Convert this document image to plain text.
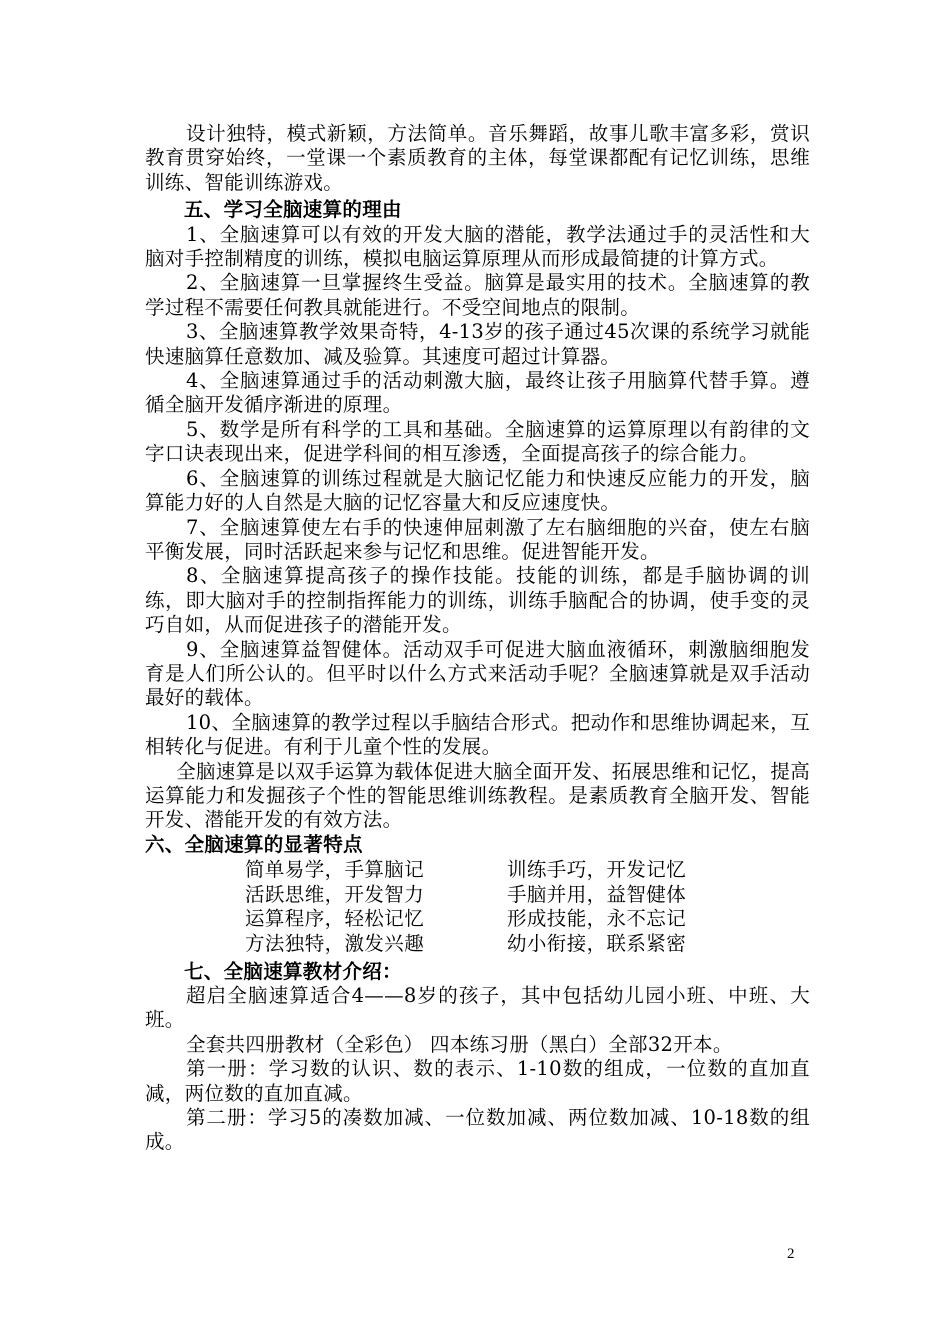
设计独特，模式新颖，方法简单。音乐舞蹈，故事儿歌丰富多彩，赏识教育贯穿始终，一堂课一个素质教育的主体，每堂课都配有记忆训练，思维训练、智能训练游戏。

五、学习全脑速算的理由

1、全脑速算可以有效的开发大脑的潜能，教学法通过手的灵活性和大脑对手控制精度的训练，模拟电脑运算原理从而形成最简捷的计算方式。

2、全脑速算一旦掌握终生受益。脑算是最实用的技术。全脑速算的教学过程不需要任何教具就能进行。不受空间地点的限制。

3、全脑速算教学效果奇特，4-13岁的孩子通过45次课的系统学习就能快速脑算任意数加、减及验算。其速度可超过计算器。

4、全脑速算通过手的活动刺激大脑，最终让孩子用脑算代替手算。遵循全脑开发循序渐进的原理。

5、数学是所有科学的工具和基础。全脑速算的运算原理以有韵律的文字口诀表现出来，促进学科间的相互渗透，全面提高孩子的综合能力。

6、全脑速算的训练过程就是大脑记忆能力和快速反应能力的开发，脑算能力好的人自然是大脑的记忆容量大和反应速度快。

7、全脑速算使左右手的快速伸屈刺激了左右脑细胞的兴奋，使左右脑平衡发展，同时活跃起来参与记忆和思维。促进智能开发。

8、全脑速算提高孩子的操作技能。技能的训练，都是手脑协调的训练，即大脑对手的控制指挥能力的训练，训练手脑配合的协调，使手变的灵巧自如，从而促进孩子的潜能开发。

9、全脑速算益智健体。活动双手可促进大脑血液循环，刺激脑细胞发育是人们所公认的。但平时以什么方式来活动手呢？全脑速算就是双手活动最好的载体。

10、全脑速算的教学过程以手脑结合形式。把动作和思维协调起来，互相转化与促进。有利于儿童个性的发展。

全脑速算是以双手运算为载体促进大脑全面开发、拓展思维和记忆，提高运算能力和发掘孩子个性的智能思维训练教程。是素质教育全脑开发、智能开发、潜能开发的有效方法。

六、全脑速算的显著特点

简单易学，手算脑记	训练手巧，开发记忆
活跃思维，开发智力	手脑并用，益智健体
运算程序，轻松记忆	形成技能，永不忘记
方法独特，激发兴趣	幼小衔接，联系紧密

七、全脑速算教材介绍：

超启全脑速算适合4——8岁的孩子，其中包括幼儿园小班、中班、大班。

全套共四册教材（全彩色） 四本练习册（黑白）全部32开本。

第一册：学习数的认识、数的表示、1-10数的组成，一位数的直加直减，两位数的直加直减。

第二册：学习5的凑数加减、一位数加减、两位数加减、10-18数的组成。

2
